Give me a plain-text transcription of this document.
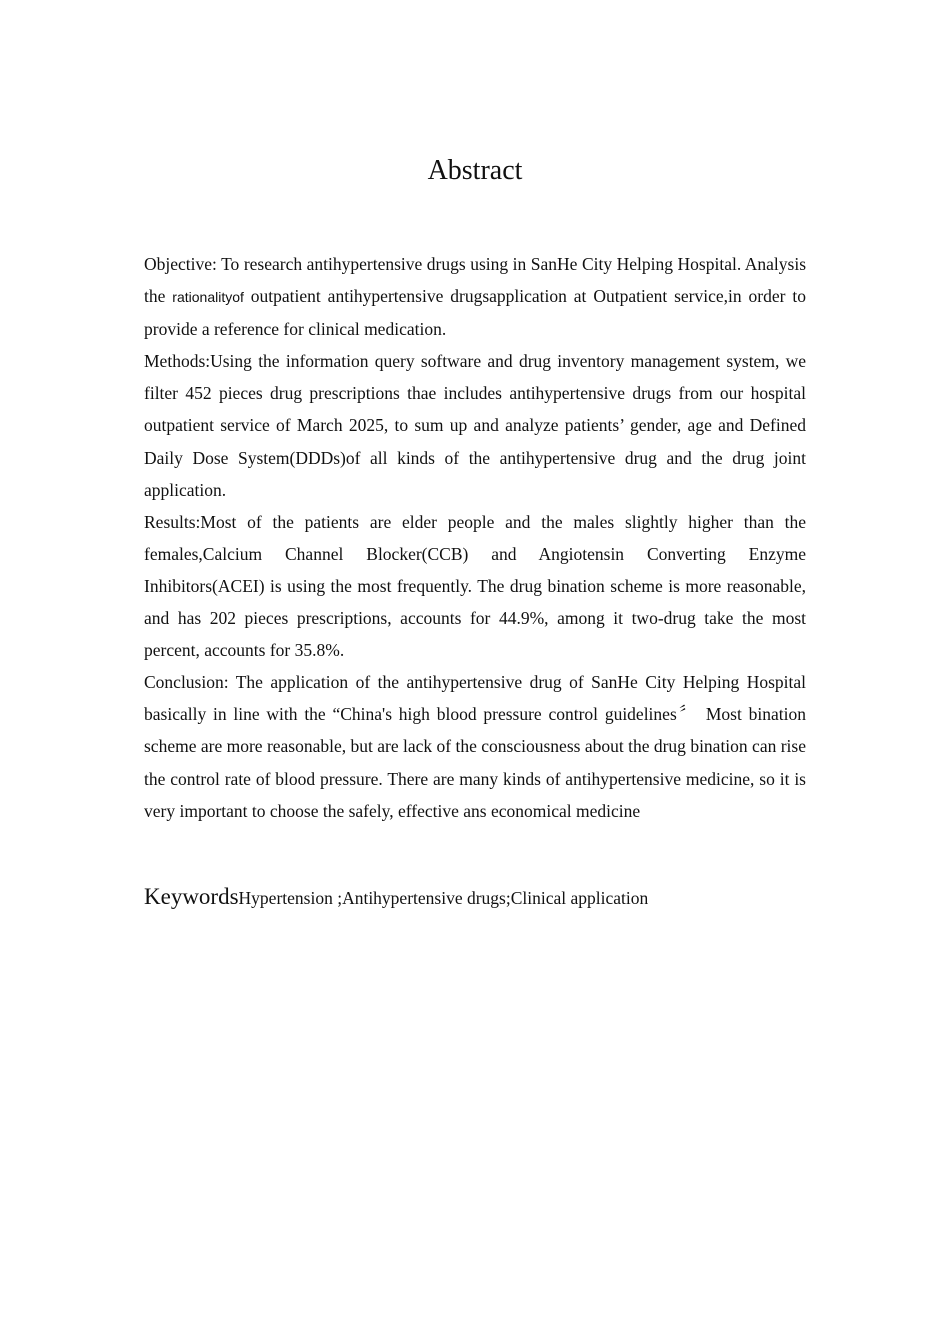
Abstract

Objective: To research antihypertensive drugs using in SanHe City Helping Hospital. Analysis the rationalityof outpatient antihypertensive drugsapplication at Outpatient service,in order to provide a reference for clinical medication.

Methods:Using the information query software and drug inventory management system, we filter 452 pieces drug prescriptions thae includes antihypertensive drugs from our hospital outpatient service of March 2025, to sum up and analyze patients’ gender, age and Defined Daily Dose System(DDDs)of all kinds of the antihypertensive drug and the drug joint application.

Results:Most of the patients are elder people and the males slightly higher than the females,Calcium Channel Blocker(CCB) and Angiotensin Converting Enzyme Inhibitors(ACEI) is using the most frequently. The drug bination scheme is more reasonable, and has 202 pieces prescriptions, accounts for 44.9%, among it two-drug take the most percent, accounts for 35.8%.

Conclusion: The application of the antihypertensive drug of SanHe City Helping Hospital basically in line with the “China's high blood pressure control guidelines〞 Most bination scheme are more reasonable, but are lack of the consciousness about the drug bination can rise the control rate of blood pressure. There are many kinds of antihypertensive medicine, so it is very important to choose the safely, effective ans economical medicine

KeywordsHypertension ;Antihypertensive drugs;Clinical application
